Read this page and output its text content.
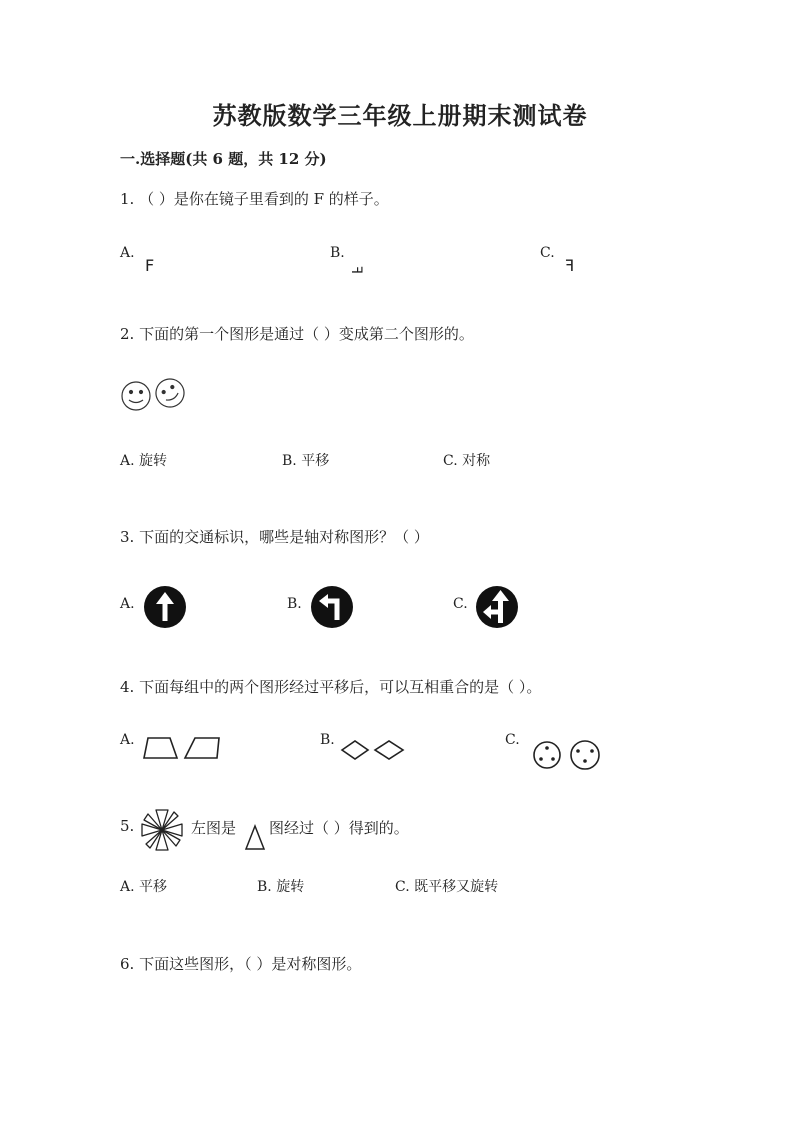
苏教版数学三年级上册期末测试卷
一.选择题(共 6 题，共 12 分)
1. （ ）是你在镜子里看到的 F 的样子。
A.
F
B.
F
C.
F
2. 下面的第一个图形是通过（ ）变成第二个图形的。
A. 旋转	B. 平移	C. 对称
3. 下面的交通标识，哪些是轴对称图形？（ ）
A.	B.	C.
4. 下面每组中的两个图形经过平移后，可以互相重合的是（ ）。
A.	B.	C.
5.	左图是 图经过（ ）得到的。
A. 平移	B. 旋转	C. 既平移又旋转
6. 下面这些图形，（ ）是对称图形。
